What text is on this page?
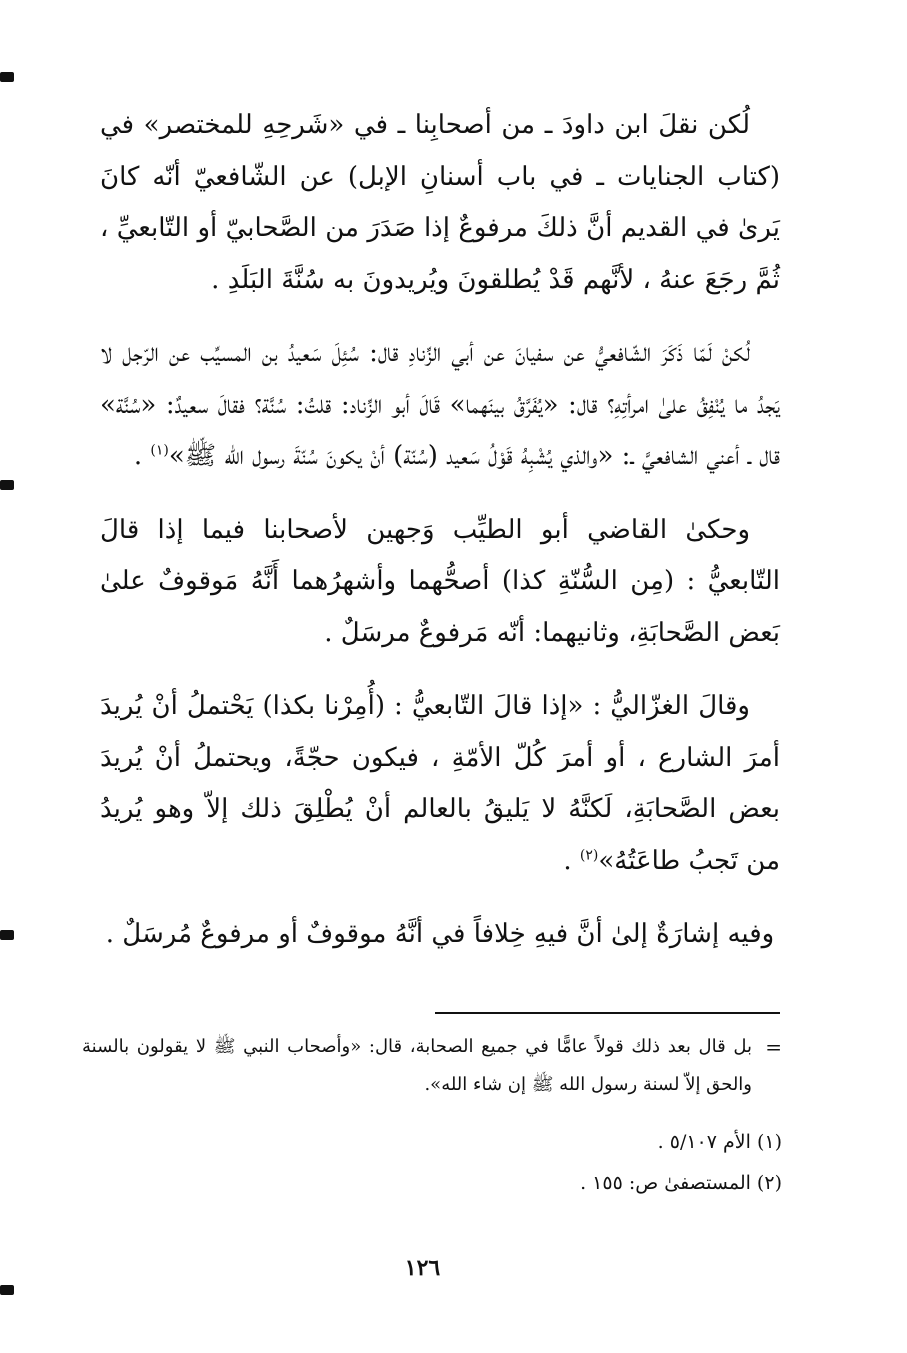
لُكن نقلَ ابن داودَ ـ من أصحابِنا ـ في «شَرحِهِ للمختصر» في (كتاب الجنايات ـ في باب أسنانِ الإبل) عن الشّافعيّ أنّه كانَ يَرىٰ في القديم أنَّ ذلكَ مرفوعٌ إذا صَدَرَ من الصَّحابيّ أو التّابعيِّ ، ثُمَّ رجَعَ عنهُ ، لأنَّهم قَدْ يُطلقونَ ويُريدونَ به سُنَّةَ البَلَدِ .

لُكنْ لَمّا ذَكَرَ الشّافعيُّ عن سفيانَ عن أبي الزِّنادِ قال: سُئِلَ سَعيدُ بن المسيِّب عن الرّجل لا يَجدُ ما يُنْفِقُ علىٰ امرأتِهِ؟ قال: «يُفَرَّقُ بينَهما» قَالَ أبو الزِّناد: قلتُ: سُنَّة؟ فقالَ سعيدٌ: «سُنَّة» قال ـ أعني الشافعيَّ ـ: «والذي يُشْبِهُ قَوْلُ سَعيد (سُنّة) أنْ يكونَ سُنّةَ رسول الله ﷺ»$^{(١)}$ .

وحكىٰ القاضي أبو الطيِّب وَجهين لأصحابنا فيما إذا قالَ التّابعيُّ : (مِن السُّنّةِ كذا) أصحُّهما وأشهرُهما أَنَّهُ مَوقوفٌ علىٰ بَعض الصَّحابَةِ، وثانيهما: أنّه مَرفوعٌ مرسَلٌ .

وقالَ الغزّاليُّ : «إذا قالَ التّابعيُّ : (أُمِرْنا بكذا) يَحْتملُ أنْ يُريدَ أمرَ الشارع ، أو أمرَ كُلّ الأمّةِ ، فيكون حجّةً، ويحتملُ أنْ يُريدَ بعض الصَّحابَةِ، لَكنَّهُ لا يَليقُ بالعالم أنْ يُطْلِقَ ذلك إلاّ وهو يُريدُ من تَجبُ طاعَتُهُ»$^{(٢)}$ .

وفيه إشارَةٌ إلىٰ أنَّ فيهِ خِلافاً في أنَّهُ موقوفٌ أو مرفوعٌ مُرسَلٌ .

=
بل قال بعد ذلك قولاً عامًّا في جميع الصحابة، قال: «وأصحاب النبي ﷺ لا يقولون بالسنة والحق إلاّ لسنة رسول الله ﷺ إن شاء الله».

(١) الأم ٥/١٠٧ .

(٢) المستصفىٰ ص: ١٥٥ .

١٢٦
